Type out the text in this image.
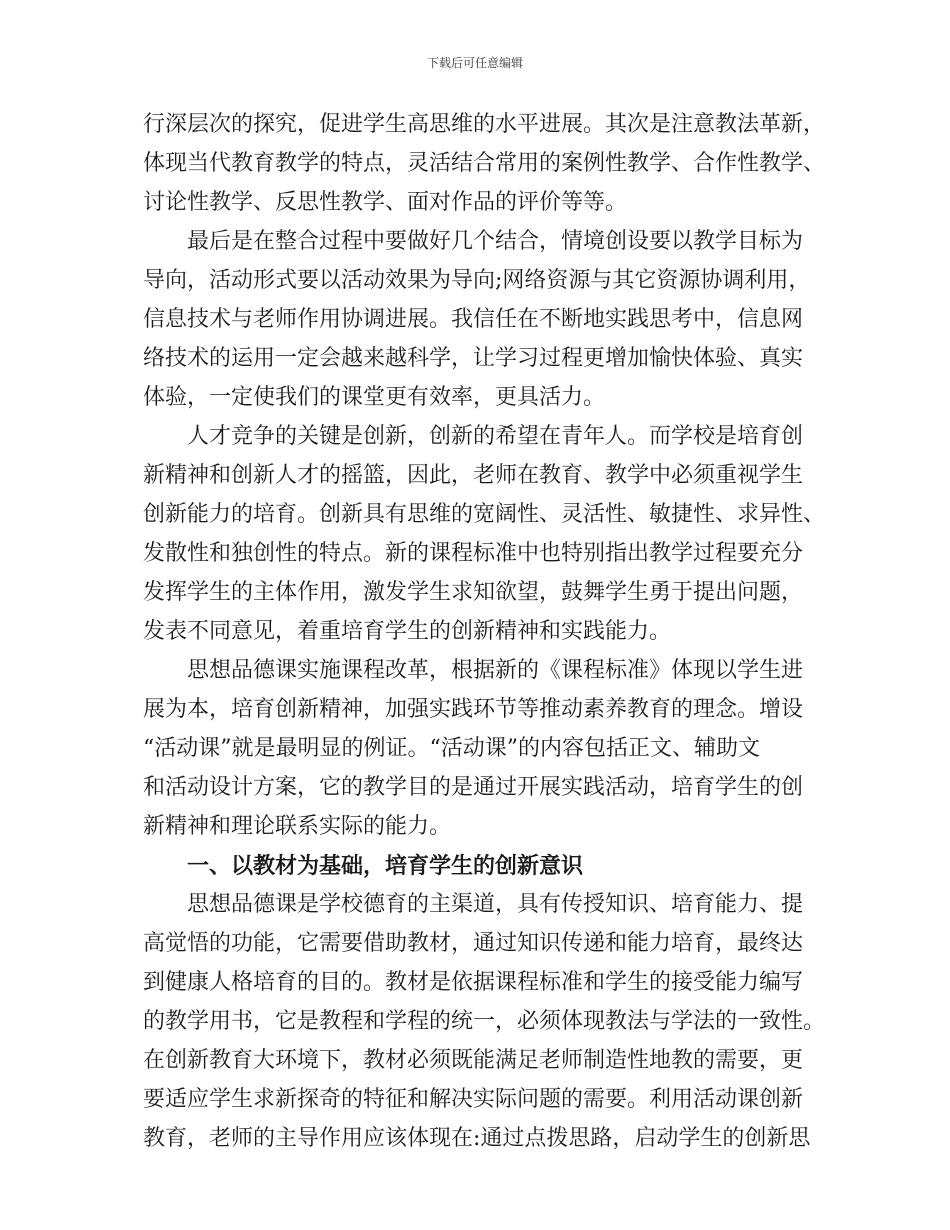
下载后可任意编辑
行深层次的探究，促进学生高思维的水平进展。其次是注意教法革新，
体现当代教育教学的特点，灵活结合常用的案例性教学、合作性教学、
讨论性教学、反思性教学、面对作品的评价等等。
最后是在整合过程中要做好几个结合，情境创设要以教学目标为
导向，活动形式要以活动效果为导向;网络资源与其它资源协调利用，
信息技术与老师作用协调进展。我信任在不断地实践思考中，信息网
络技术的运用一定会越来越科学，让学习过程更增加愉快体验、真实
体验，一定使我们的课堂更有效率，更具活力。
人才竞争的关键是创新，创新的希望在青年人。而学校是培育创
新精神和创新人才的摇篮，因此，老师在教育、教学中必须重视学生
创新能力的培育。创新具有思维的宽阔性、灵活性、敏捷性、求异性、
发散性和独创性的特点。新的课程标准中也特别指出教学过程要充分
发挥学生的主体作用，激发学生求知欲望，鼓舞学生勇于提出问题，
发表不同意见，着重培育学生的创新精神和实践能力。
思想品德课实施课程改革，根据新的《课程标准》体现以学生进
展为本，培育创新精神，加强实践环节等推动素养教育的理念。增设
“活动课”就是最明显的例证。“活动课”的内容包括正文、辅助文
和活动设计方案，它的教学目的是通过开展实践活动，培育学生的创
新精神和理论联系实际的能力。
一、以教材为基础，培育学生的创新意识
思想品德课是学校德育的主渠道，具有传授知识、培育能力、提
高觉悟的功能，它需要借助教材，通过知识传递和能力培育，最终达
到健康人格培育的目的。教材是依据课程标准和学生的接受能力编写
的教学用书，它是教程和学程的统一，必须体现教法与学法的一致性。
在创新教育大环境下，教材必须既能满足老师制造性地教的需要，更
要适应学生求新探奇的特征和解决实际问题的需要。利用活动课创新
教育，老师的主导作用应该体现在:通过点拨思路，启动学生的创新思
